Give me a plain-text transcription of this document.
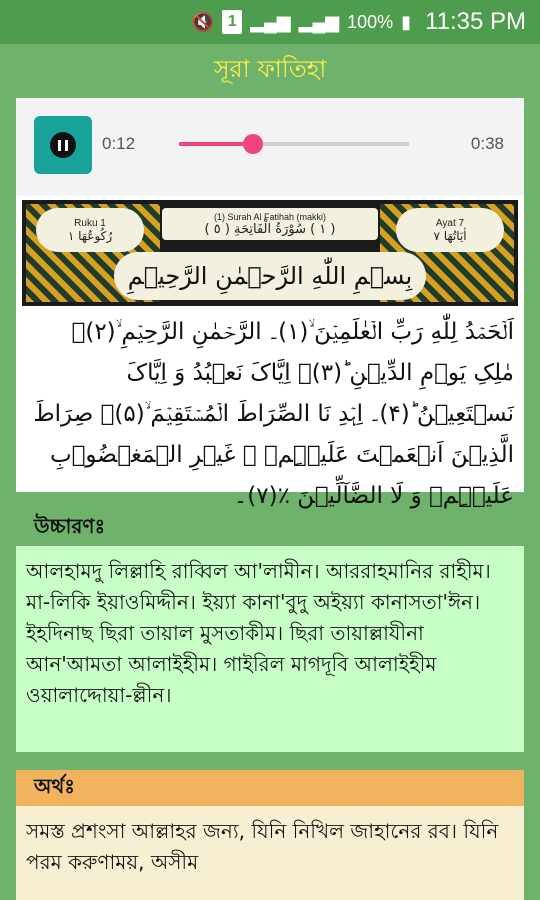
🔇 1 ▂▄▆ ▂▄▆ 100% ▮ 11:35 PM
সূরা ফাতিহা
0:12	0:38
Ruku 1
رُكُوعُهَا ١
(1) Surah Al Fatihah (makki)
( ١ ) سُوْرَةُ الْفَاتِحَةِ ( ٥ )	Ayat 7
اٰيَاتُهَا ٧
بِسۡمِ اللّٰهِ الرَّحۡمٰنِ الرَّحِیۡمِ
اَلۡحَمۡدُ لِلّٰهِ رَبِّ الۡعٰلَمِیۡنَ ۙ(۱)۔ الرَّحۡمٰنِ الرَّحِیۡمِ ۙ(۲)۔ مٰلِکِ یَوۡمِ الدِّیۡنِ ؕ(۳)۔ اِیَّاکَ نَعۡبُدُ وَ اِیَّاکَ نَسۡتَعِیۡنُ ؕ(۴)۔ اِہۡدِ نَا الصِّرَاطَ الۡمُسۡتَقِیۡمَ ۙ(۵)۔ صِرَاطَ الَّذِیۡنَ اَنۡعَمۡتَ عَلَیۡہِمۡ ۬ غَیۡرِ الۡمَغۡضُوۡبِ عَلَیۡہِمۡ وَ لَا الضَّآلِّیۡنَ ٪(۷)۔
উচ্চারণঃ
আলহামদু লিল্লাহি রাব্বিল আ'লামীন। আররাহমানির রাহীম। মা-লিকি ইয়াওমিদ্দীন। ইয়্যা কানা'বুদু অইয়্যা কানাসতা'ঈন। ইহদিনাছ ছিরা তায়াল মুসতাকীম। ছিরা তায়াল্লাযীনা আন'আমতা আলাইহীম। গাইরিল মাগদূবি আলাইহীম ওয়ালাদ্দোয়া-ল্লীন।
অর্থঃ
সমস্ত প্রশংসা আল্লাহর জন্য, যিনি নিখিল জাহানের রব। যিনি পরম করুণাময়, অসীম
